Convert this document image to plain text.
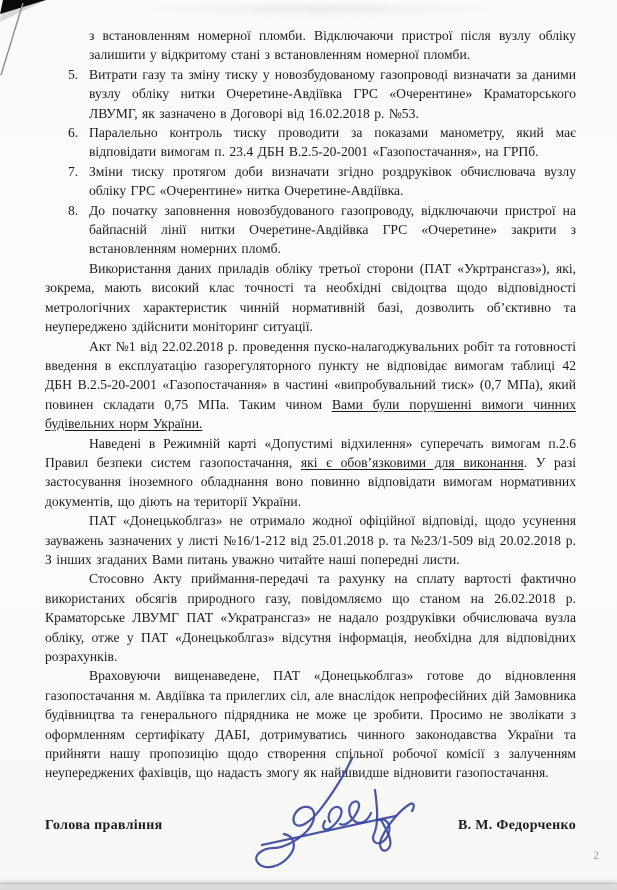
з встановленням номерної пломби. Відключаючи пристрої після вузлу обліку залишити у відкритому стані з встановленням номерної пломби.

5. Витрати газу та зміну тиску у новозбудованому газопроводі визначати за даними вузлу обліку нитки Очеретине-Авдіївка ГРС «Очерентине» Краматорського ЛВУМГ, як зазначено в Договорі від 16.02.2018 р. №53.
6. Паралельно контроль тиску проводити за показами манометру, який має відповідати вимогам п. 23.4 ДБН В.2.5-20-2001 «Газопостачання», на ГРПб.
7. Зміни тиску протягом доби визначати згідно роздруківок обчислювача вузлу обліку ГРС «Очерентине» нитка Очеретине-Авдіївка.
8. До початку заповнення новозбудованого газопроводу, відключаючи пристрої на байпасній лінії нитки Очеретине-Авдійвка ГРС «Очеретине» закрити з встановленням номерних пломб.

Використання даних приладів обліку третьої сторони (ПАТ «Укртрансгаз»), які, зокрема, мають високий клас точності та необхідні свідоцтва щодо відповідності метрологічних характеристик чинній нормативній базі, дозволить об’єктивно та неупереджено здійснити моніторинг ситуації.

Акт №1 від 22.02.2018 р. проведення пуско-налагоджувальних робіт та готовності введення в експлуатацію газорегуляторного пункту не відповідає вимогам таблиці 42 ДБН В.2.5-20-2001 «Газопостачання» в частині «випробувальний тиск» (0,7 МПа), який повинен складати 0,75 МПа. Таким чином Вами були порушенні вимоги чинних будівельних норм України.

Наведені в Режимній карті «Допустимі відхилення» суперечать вимогам п.2.6 Правил безпеки систем газопостачання, які є обов’язковими для виконання. У разі застосування іноземного обладнання воно повинно відповідати вимогам нормативних документів, що діють на території України.

ПАТ «Донецькоблгаз» не отримало жодної офіційної відповіді, щодо усунення зауважень зазначених у листі №16/1-212 від 25.01.2018 р. та №23/1-509 від 20.02.2018 р. З інших згаданих Вами питань уважно читайте наші попередні листи.

Стосовно Акту приймання-передачі та рахунку на сплату вартості фактично використаних обсягів природного газу, повідомляємо що станом на 26.02.2018 р. Краматорське ЛВУМГ ПАТ «Укратрансгаз» не надало роздруківки обчислювача вузла обліку, отже у ПАТ «Донецькоблгаз» відсутня інформація, необхідна для відповідних розрахунків.

Враховуючи вищенаведене, ПАТ «Донецькоблгаз» готове до відновлення газопостачання м. Авдіївка та прилеглих сіл, але внаслідок непрофесійних дій Замовника будівництва та генерального підрядника не може це зробити. Просимо не зволікати з оформленням сертифікату ДАБІ, дотримуватись чинного законодавства України та прийняти нашу пропозицію щодо створення спільної робочої комісії з залученням неупереджених фахівців, що надасть змогу як найшвидше відновити газопостачання.

Голова правління	В. М. Федорченко
2
